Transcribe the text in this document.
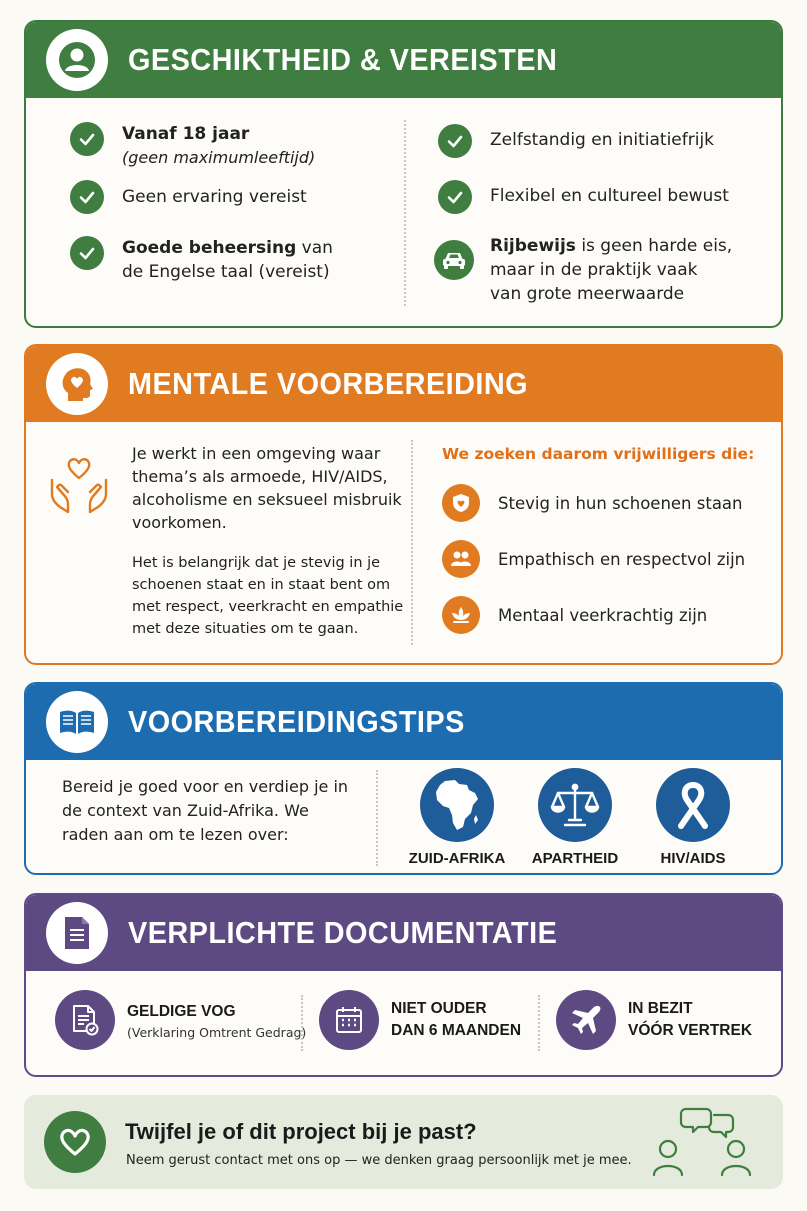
GESCHIKTHEID & VEREISTEN
Vanaf 18 jaar
(geen maximumleeftijd)
Geen ervaring vereist
Goede beheersing van
de Engelse taal (vereist)
Zelfstandig en initiatiefrijk
Flexibel en cultureel bewust
Rijbewijs is geen harde eis,
maar in de praktijk vaak
van grote meerwaarde
MENTALE VOORBEREIDING
Je werkt in een omgeving waar thema’s als armoede, HIV/AIDS, alcoholisme en seksueel misbruik voorkomen.
Het is belangrijk dat je stevig in je schoenen staat en in staat bent om met respect, veerkracht en empathie met deze situaties om te gaan.
We zoeken daarom vrijwilligers die:
Stevig in hun schoenen staan
Empathisch en respectvol zijn
Mentaal veerkrachtig zijn
VOORBEREIDINGSTIPS
Bereid je goed voor en verdiep je in de context van Zuid-Afrika. We raden aan om te lezen over:
ZUID-AFRIKA	APARTHEID	HIV/AIDS
VERPLICHTE DOCUMENTATIE
GELDIGE VOG
(Verklaring Omtrent Gedrag)
NIET OUDER
DAN 6 MAANDEN
IN BEZIT
VÓÓR VERTREK
Twijfel je of dit project bij je past?
Neem gerust contact met ons op — we denken graag persoonlijk met je mee.
